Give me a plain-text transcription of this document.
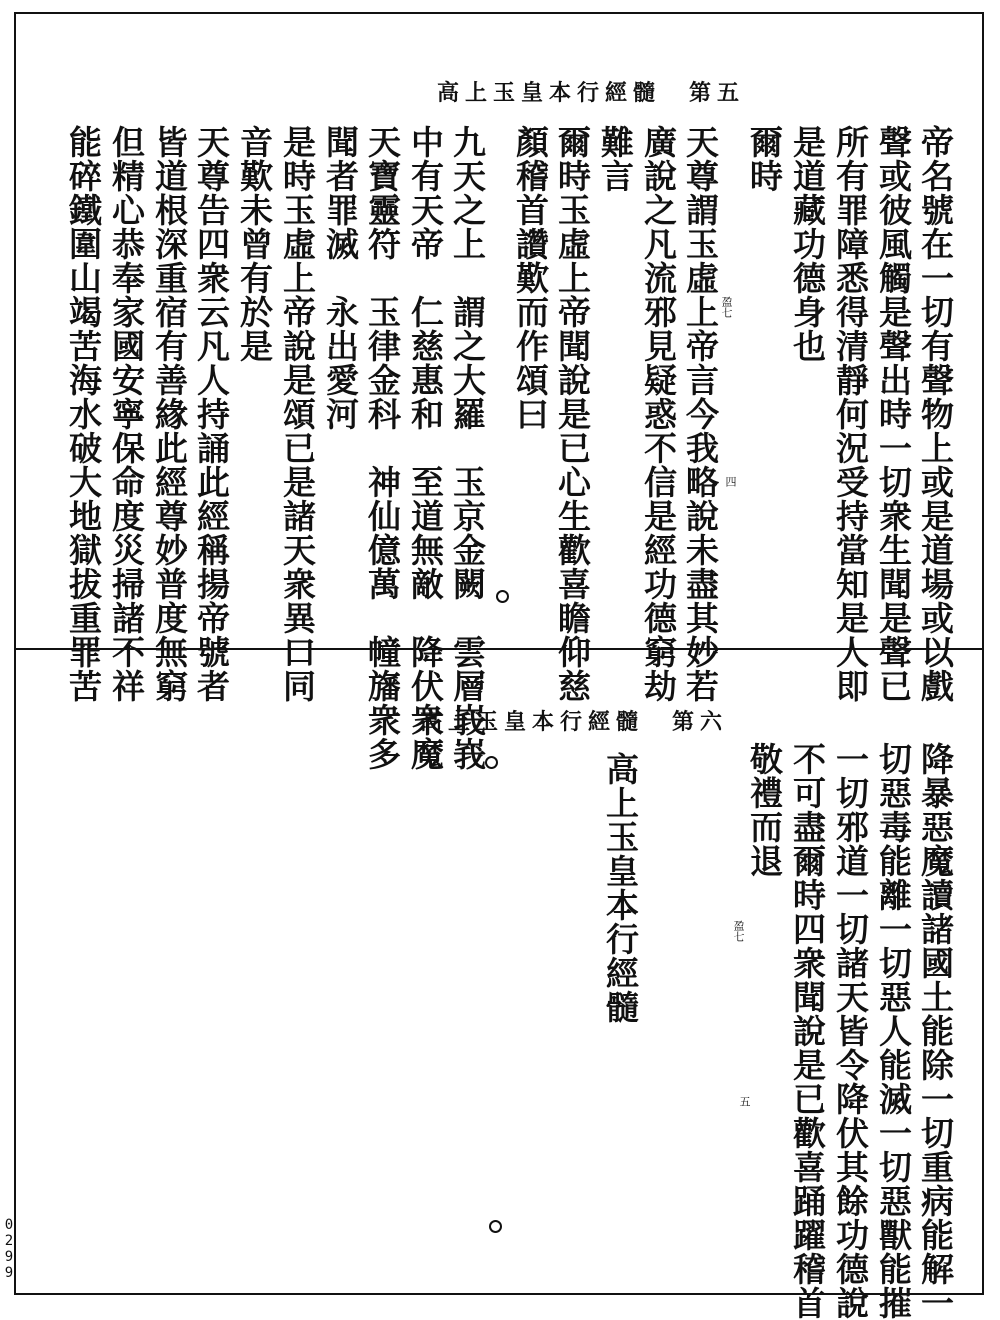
高上玉皇本行經髓　第五
帝名號在一切有聲物上或是道場或以戲
聲或彼風觸是聲出時一切衆生聞是聲已
所有罪障悉得清靜何況受持當知是人即
是道藏功德身也
爾時
天尊謂玉虛上帝言今我略說未盡其妙若
廣說之凡流邪見疑惑不信是經功德窮劫
難言
爾時玉虛上帝聞說是已心生歡喜瞻仰慈
顏稽首讚歎而作頌曰
九天之上　謂之大羅　玉京金闕　雲層峩峩
中有天帝　仁慈惠和　至道無敵　降伏衆魔
天寶靈符　玉律金科　神仙億萬　幢旛衆多
聞者罪滅　永出愛河
是時玉虛上帝說是頌已是諸天衆異口同
音歎未曾有於是
天尊告四衆云凡人持誦此經稱揚帝號者
皆道根深重宿有善緣此經尊妙普度無窮
但精心恭奉家國安寧保命度災掃諸不祥
能碎鐵圍山竭苦海水破大地獄拔重罪苦	盈七
四
高上玉皇本行經髓　第六
降暴惡魔讀諸國土能除一切重病能解一
切惡毒能離一切惡人能滅一切惡獸能摧
一切邪道一切諸天皆令降伏其餘功德說
不可盡爾時四衆聞說是已歡喜踊躍稽首
敬禮而退
高上玉皇本行經髓	盈七
五
0299
